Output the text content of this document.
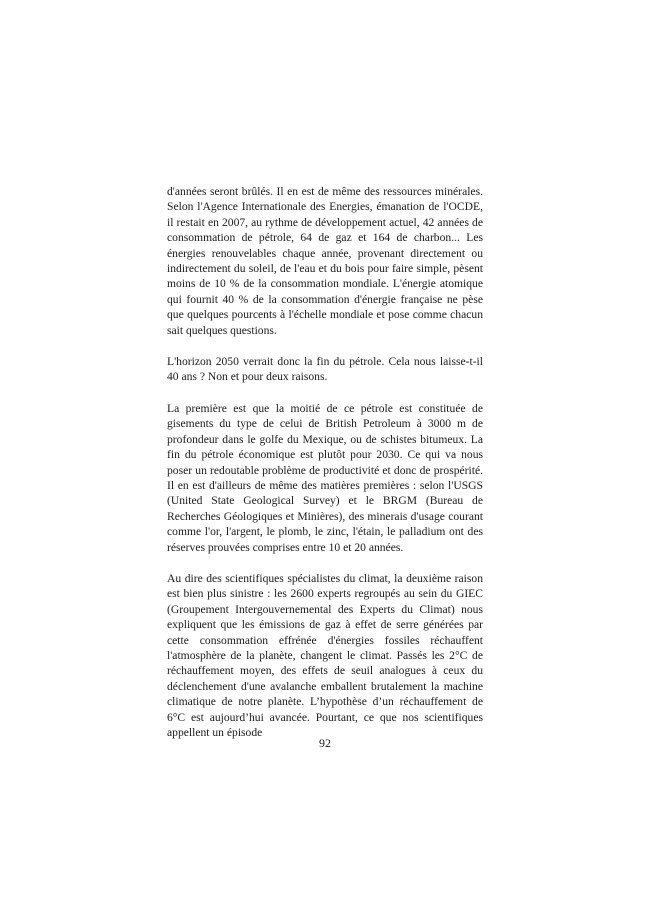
d'années seront brûlés. Il en est de même des ressources minérales. Selon l'Agence Internationale des Energies, émanation de l'OCDE, il restait en 2007, au rythme de développement actuel, 42 années de consommation de pétrole, 64 de gaz et 164 de charbon... Les énergies renouvelables chaque année, provenant directement ou indirectement du soleil, de l'eau et du bois pour faire simple, pèsent moins de 10 % de la consommation mondiale. L'énergie atomique qui fournit 40 % de la consommation d'énergie française ne pèse que quelques pourcents à l'échelle mondiale et pose comme chacun sait quelques questions.

L'horizon 2050 verrait donc la fin du pétrole. Cela nous laisse-t-il 40 ans ? Non et pour deux raisons.

La première est que la moitié de ce pétrole est constituée de gisements du type de celui de British Petroleum à 3000 m de profondeur dans le golfe du Mexique, ou de schistes bitumeux. La fin du pétrole économique est plutôt pour 2030. Ce qui va nous poser un redoutable problème de productivité et donc de prospérité. Il en est d'ailleurs de même des matières premières : selon l'USGS (United State Geological Survey) et le BRGM (Bureau de Recherches Géologiques et Minières), des minerais d'usage courant comme l'or, l'argent, le plomb, le zinc, l'étain, le palladium ont des réserves prouvées comprises entre 10 et 20 années.

Au dire des scientifiques spécialistes du climat, la deuxième raison est bien plus sinistre : les 2600 experts regroupés au sein du GIEC (Groupement Intergouvernemental des Experts du Climat) nous expliquent que les émissions de gaz à effet de serre générées par cette consommation effrénée d'énergies fossiles réchauffent l'atmosphère de la planète, changent le climat. Passés les 2°C de réchauffement moyen, des effets de seuil analogues à ceux du déclenchement d'une avalanche emballent brutalement la machine climatique de notre planète. L’hypothèse d’un réchauffement de 6°C est aujourd’hui avancée. Pourtant, ce que nos scientifiques appellent un épisode

92
